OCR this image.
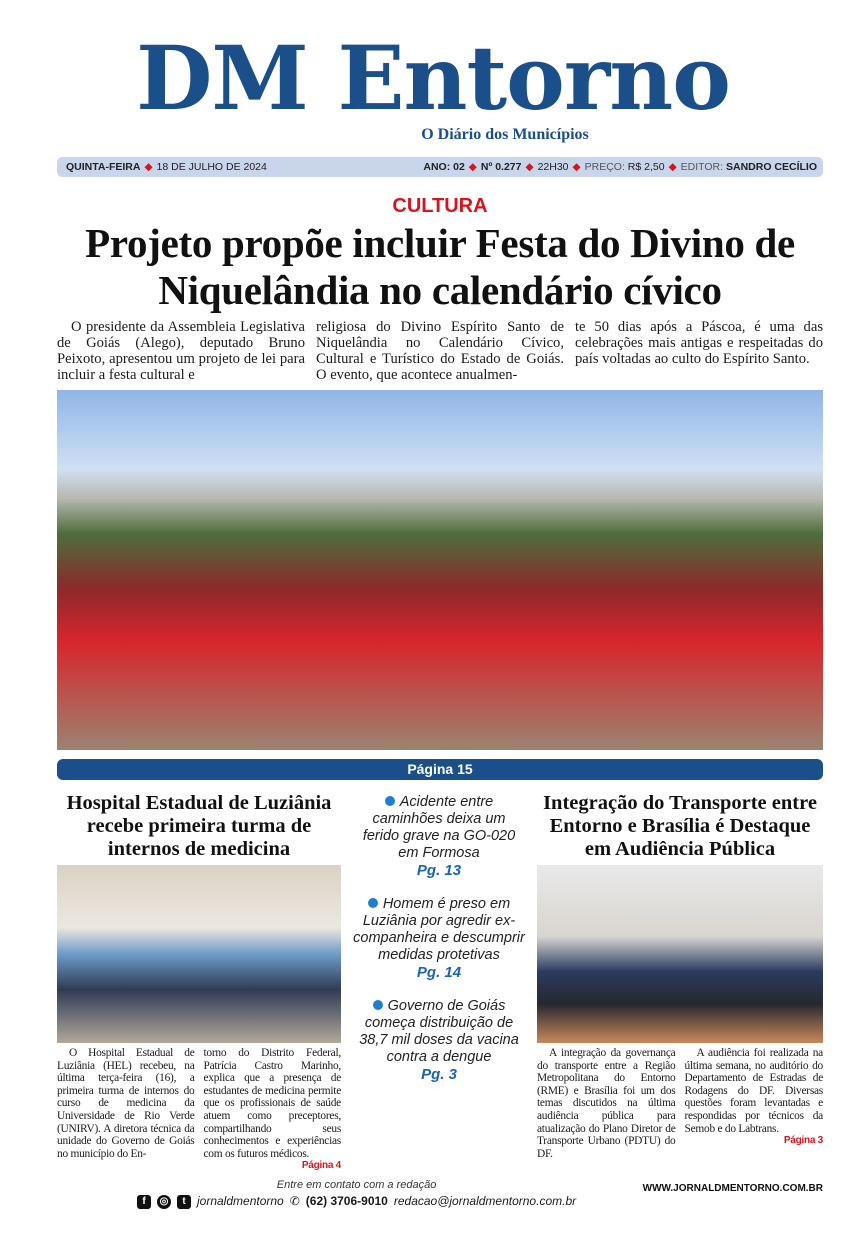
DM Entorno
O Diário dos Municípios
QUINTA-FEIRA ◆ 18 DE JULHO DE 2024	ANO: 02 ◆ Nº 0.277 ◆ 22H30 ◆ PREÇO: R$ 2,50 ◆ EDITOR: SANDRO CECÍLIO
CULTURA
Projeto propõe incluir Festa do Divino de Niquelândia no calendário cívico

O presidente da Assembleia Legislativa de Goiás (Alego), deputado Bruno Peixoto, apresentou um projeto de lei para incluir a festa cultural e

religiosa do Divino Espírito Santo de Niquelândia no Calendário Cívico, Cultural e Turístico do Estado de Goiás. O evento, que acontece anualmen-

te 50 dias após a Páscoa, é uma das celebrações mais antigas e respeitadas do país voltadas ao culto do Espírito Santo.

Página 15
Hospital Estadual de Luziânia recebe primeira turma de internos de medicina

O Hospital Estadual de Luziânia (HEL) recebeu, na última terça-feira (16), a primeira turma de internos do curso de medicina da Universidade de Rio Verde (UNIRV). A diretora técnica da unidade do Governo de Goiás no município do En-

torno do Distrito Federal, Patrícia Castro Marinho, explica que a presença de estudantes de medicina permite que os profissionais de saúde atuem como preceptores, compartilhando seus conhecimentos e experiências com os futuros médicos.

Página 4
Acidente entre caminhões deixa um ferido grave na GO-020 em Formosa
Pg. 13
Homem é preso em Luziânia por agredir ex-companheira e descumprir medidas protetivas
Pg. 14
Governo de Goiás começa distribuição de 38,7 mil doses da vacina contra a dengue
Pg. 3
Integração do Transporte entre Entorno e Brasília é Destaque em Audiência Pública

A integração da governança do transporte entre a Região Metropolitana do Entorno (RME) e Brasília foi um dos temas discutidos na última audiência pública para atualização do Plano Diretor de Transporte Urbano (PDTU) do DF.

A audiência foi realizada na última semana, no auditório do Departamento de Estradas de Rodagens do DF. Diversas questões foram levantadas e respondidas por técnicos da Semob e do Labtrans.

Página 3
Entre em contato com a redação
f	◎	t jornaldmentorno ✆ (62) 3706-9010 redacao@jornaldmentorno.com.br
WWW.JORNALDMENTORNO.COM.BR
